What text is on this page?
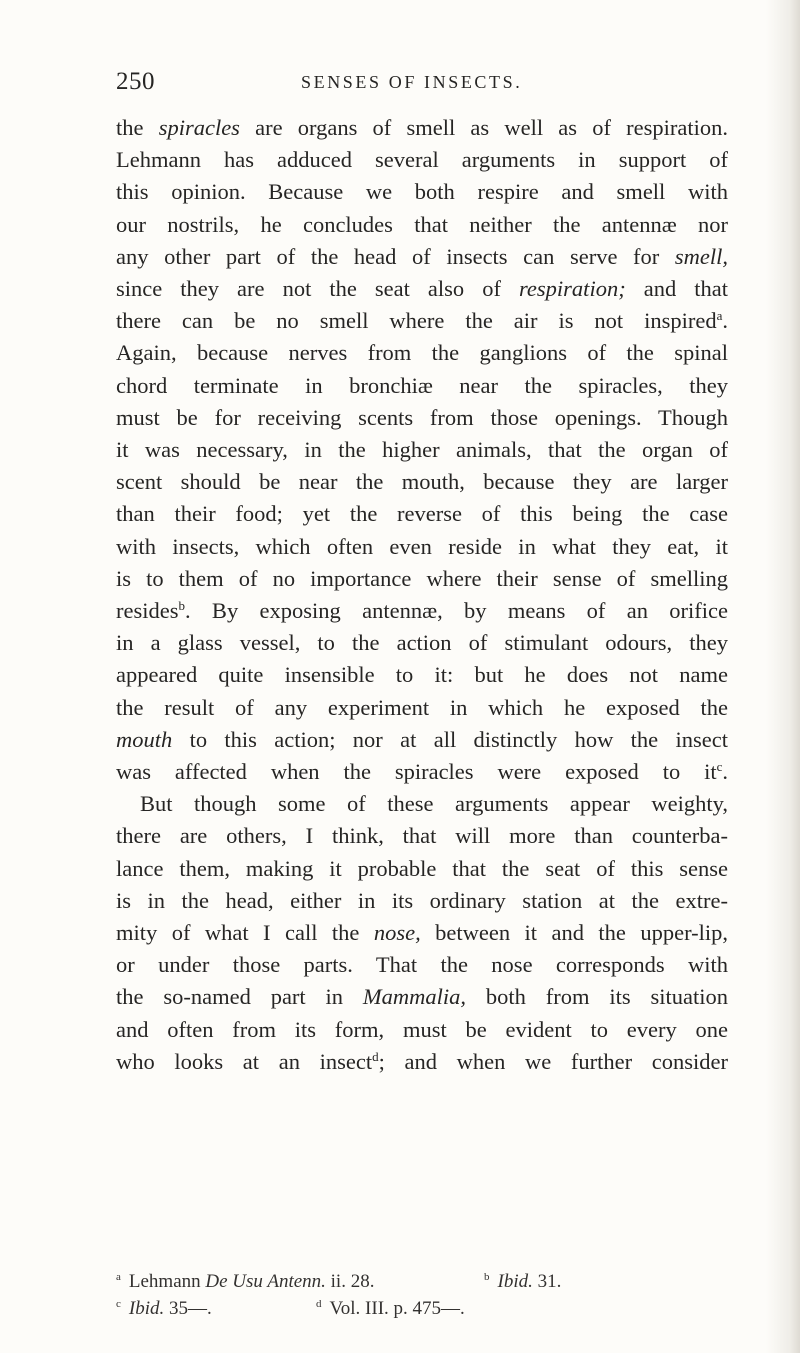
250	SENSES OF INSECTS.
the spiracles are organs of smell as well as of respiration.
Lehmann has adduced several arguments in support of
this opinion. Because we both respire and smell with
our nostrils, he concludes that neither the antennæ nor
any other part of the head of insects can serve for smell,
since they are not the seat also of respiration; and that
there can be no smell where the air is not inspired$^a$.
Again, because nerves from the ganglions of the spinal
chord terminate in bronchiæ near the spiracles, they
must be for receiving scents from those openings. Though
it was necessary, in the higher animals, that the organ of
scent should be near the mouth, because they are larger
than their food; yet the reverse of this being the case
with insects, which often even reside in what they eat, it
is to them of no importance where their sense of smelling
resides$^b$. By exposing antennæ, by means of an orifice
in a glass vessel, to the action of stimulant odours, they
appeared quite insensible to it: but he does not name
the result of any experiment in which he exposed the
mouth to this action; nor at all distinctly how the insect
was affected when the spiracles were exposed to $it^c$.
But though some of these arguments appear weighty,
there are others, I think, that will more than counterba-
lance them, making it probable that the seat of this sense
is in the head, either in its ordinary station at the extre-
mity of what I call the nose, between it and the upper-lip,
or under those parts. That the nose corresponds with
the so-named part in Mammalia, both from its situation
and often from its form, must be evident to every one
who looks at an insect$^d$; and when we further consider
$^a$ Lehmann De Usu Antenn. ii. 28.	$^b$ Ibid. 31.
$^c$ Ibid. 35—.	$^d$ Vol. III. p. 475—.
